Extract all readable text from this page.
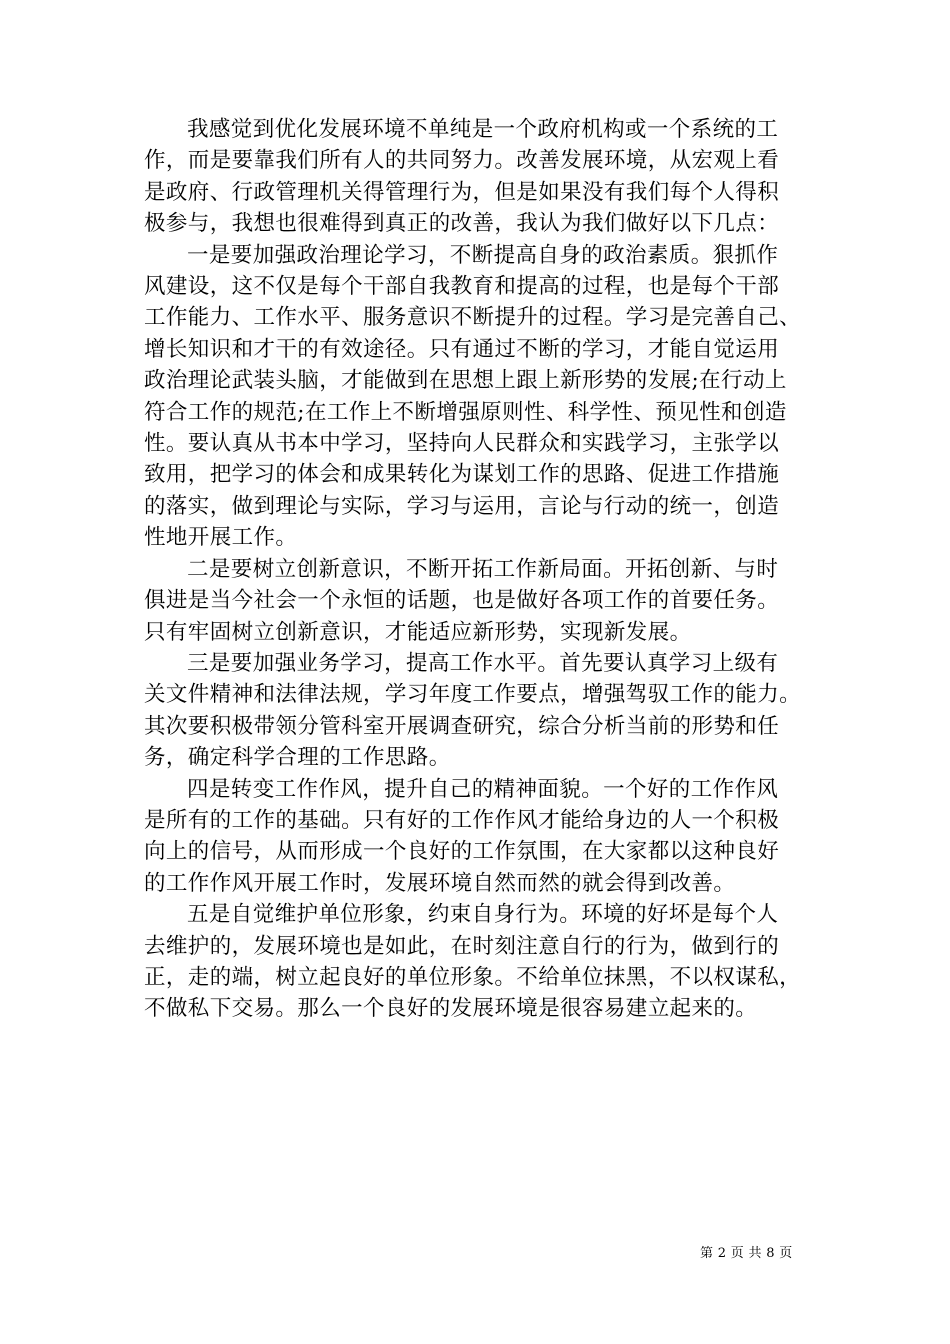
我感觉到优化发展环境不单纯是一个政府机构或一个系统的工
作，而是要靠我们所有人的共同努力。改善发展环境，从宏观上看
是政府、行政管理机关得管理行为，但是如果没有我们每个人得积
极参与，我想也很难得到真正的改善，我认为我们做好以下几点：

一是要加强政治理论学习，不断提高自身的政治素质。狠抓作
风建设，这不仅是每个干部自我教育和提高的过程，也是每个干部
工作能力、工作水平、服务意识不断提升的过程。学习是完善自己、
增长知识和才干的有效途径。只有通过不断的学习，才能自觉运用
政治理论武装头脑，才能做到在思想上跟上新形势的发展;在行动上
符合工作的规范;在工作上不断增强原则性、科学性、预见性和创造
性。要认真从书本中学习，坚持向人民群众和实践学习，主张学以
致用，把学习的体会和成果转化为谋划工作的思路、促进工作措施
的落实，做到理论与实际，学习与运用，言论与行动的统一，创造
性地开展工作。

二是要树立创新意识，不断开拓工作新局面。开拓创新、与时
俱进是当今社会一个永恒的话题，也是做好各项工作的首要任务。
只有牢固树立创新意识，才能适应新形势，实现新发展。

三是要加强业务学习，提高工作水平。首先要认真学习上级有
关文件精神和法律法规，学习年度工作要点，增强驾驭工作的能力。
其次要积极带领分管科室开展调查研究，综合分析当前的形势和任
务，确定科学合理的工作思路。

四是转变工作作风，提升自己的精神面貌。一个好的工作作风
是所有的工作的基础。只有好的工作作风才能给身边的人一个积极
向上的信号，从而形成一个良好的工作氛围，在大家都以这种良好
的工作作风开展工作时，发展环境自然而然的就会得到改善。

五是自觉维护单位形象，约束自身行为。环境的好坏是每个人
去维护的，发展环境也是如此，在时刻注意自行的行为，做到行的
正，走的端，树立起良好的单位形象。不给单位抹黑，不以权谋私，
不做私下交易。那么一个良好的发展环境是很容易建立起来的。

第 2 页 共 8 页
